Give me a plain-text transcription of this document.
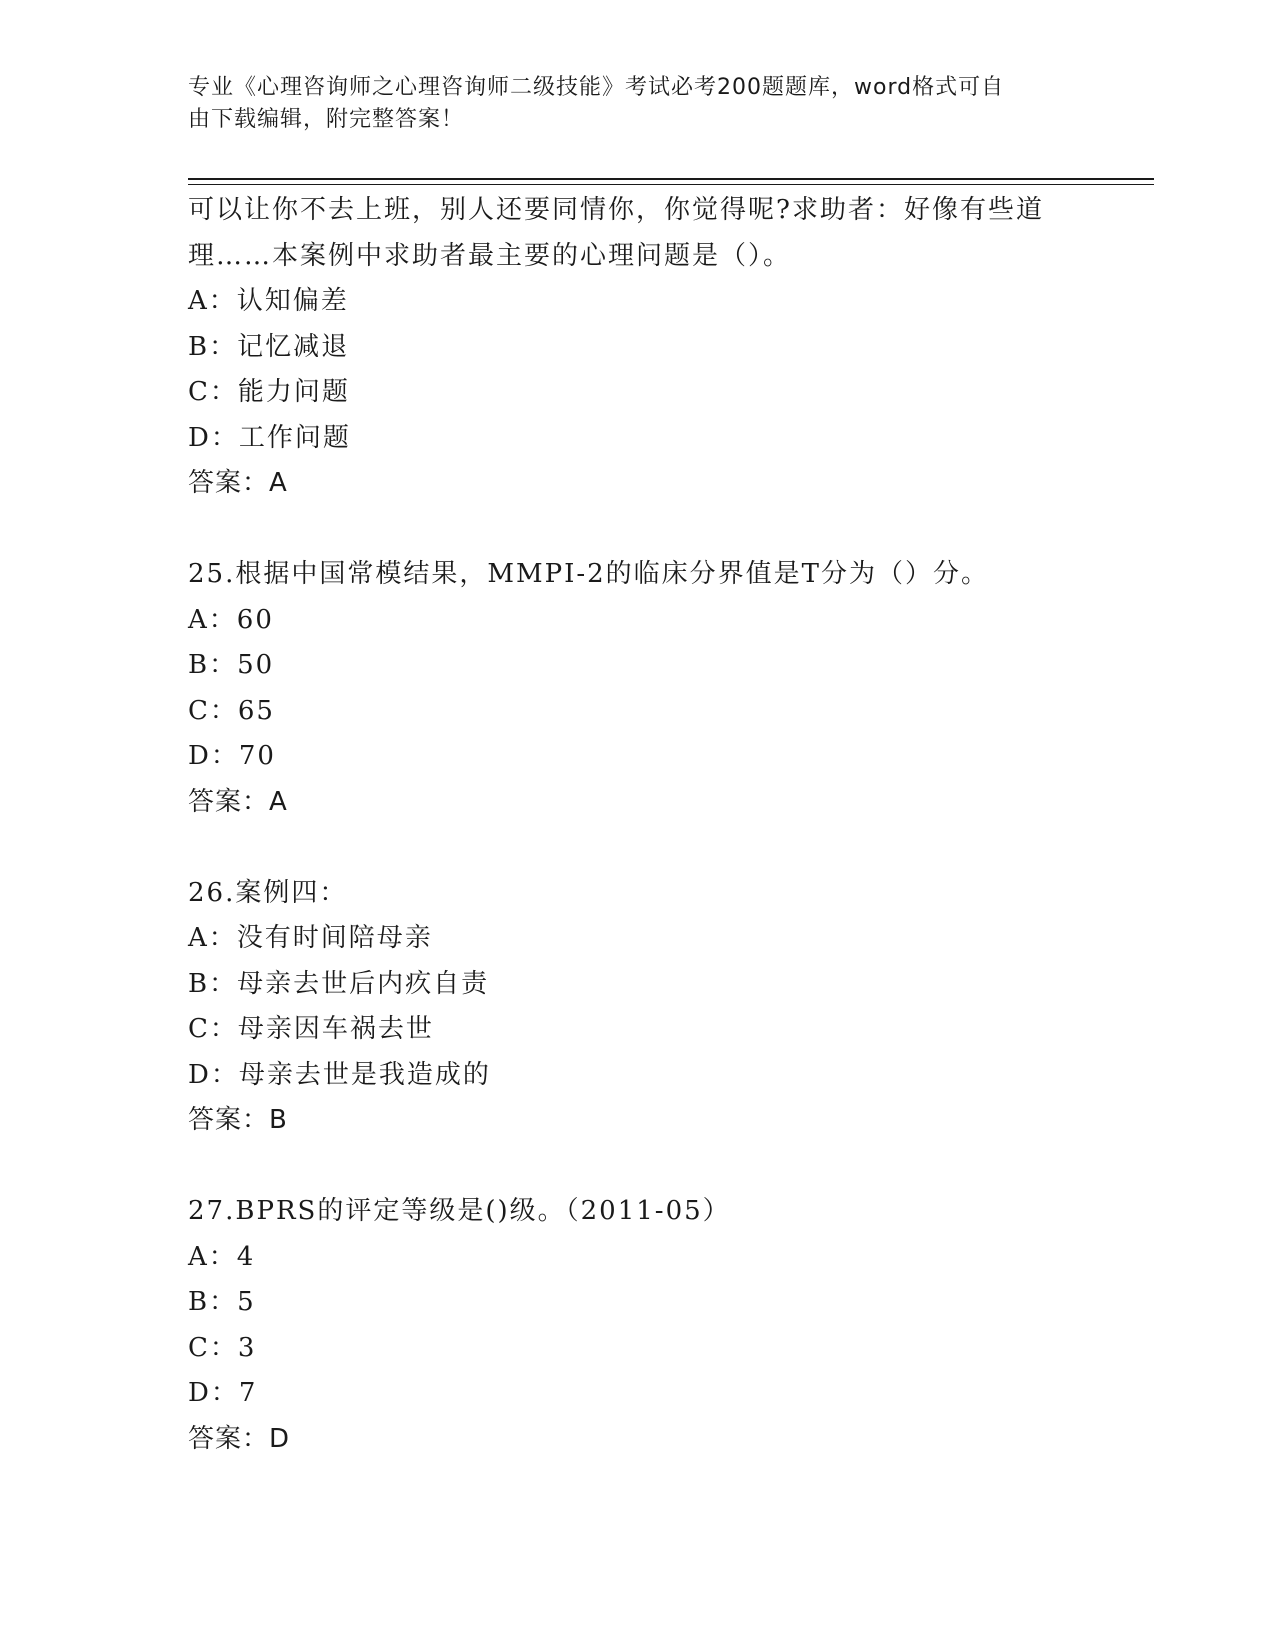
专业《心理咨询师之心理咨询师二级技能》考试必考200题题库，word格式可自
由下载编辑，附完整答案！
可以让你不去上班，别人还要同情你，你觉得呢?求助者：好像有些道
理……本案例中求助者最主要的心理问题是（）。
A：认知偏差
B：记忆减退
C：能力问题
D：工作问题
答案：A
25.根据中国常模结果，MMPI-2的临床分界值是T分为（）分。
A：60
B：50
C：65
D：70
答案：A
26.案例四：
A：没有时间陪母亲
B：母亲去世后内疚自责
C：母亲因车祸去世
D：母亲去世是我造成的
答案：B
27.BPRS的评定等级是()级。（2011-05）
A：4
B：5
C：3
D：7
答案：D
